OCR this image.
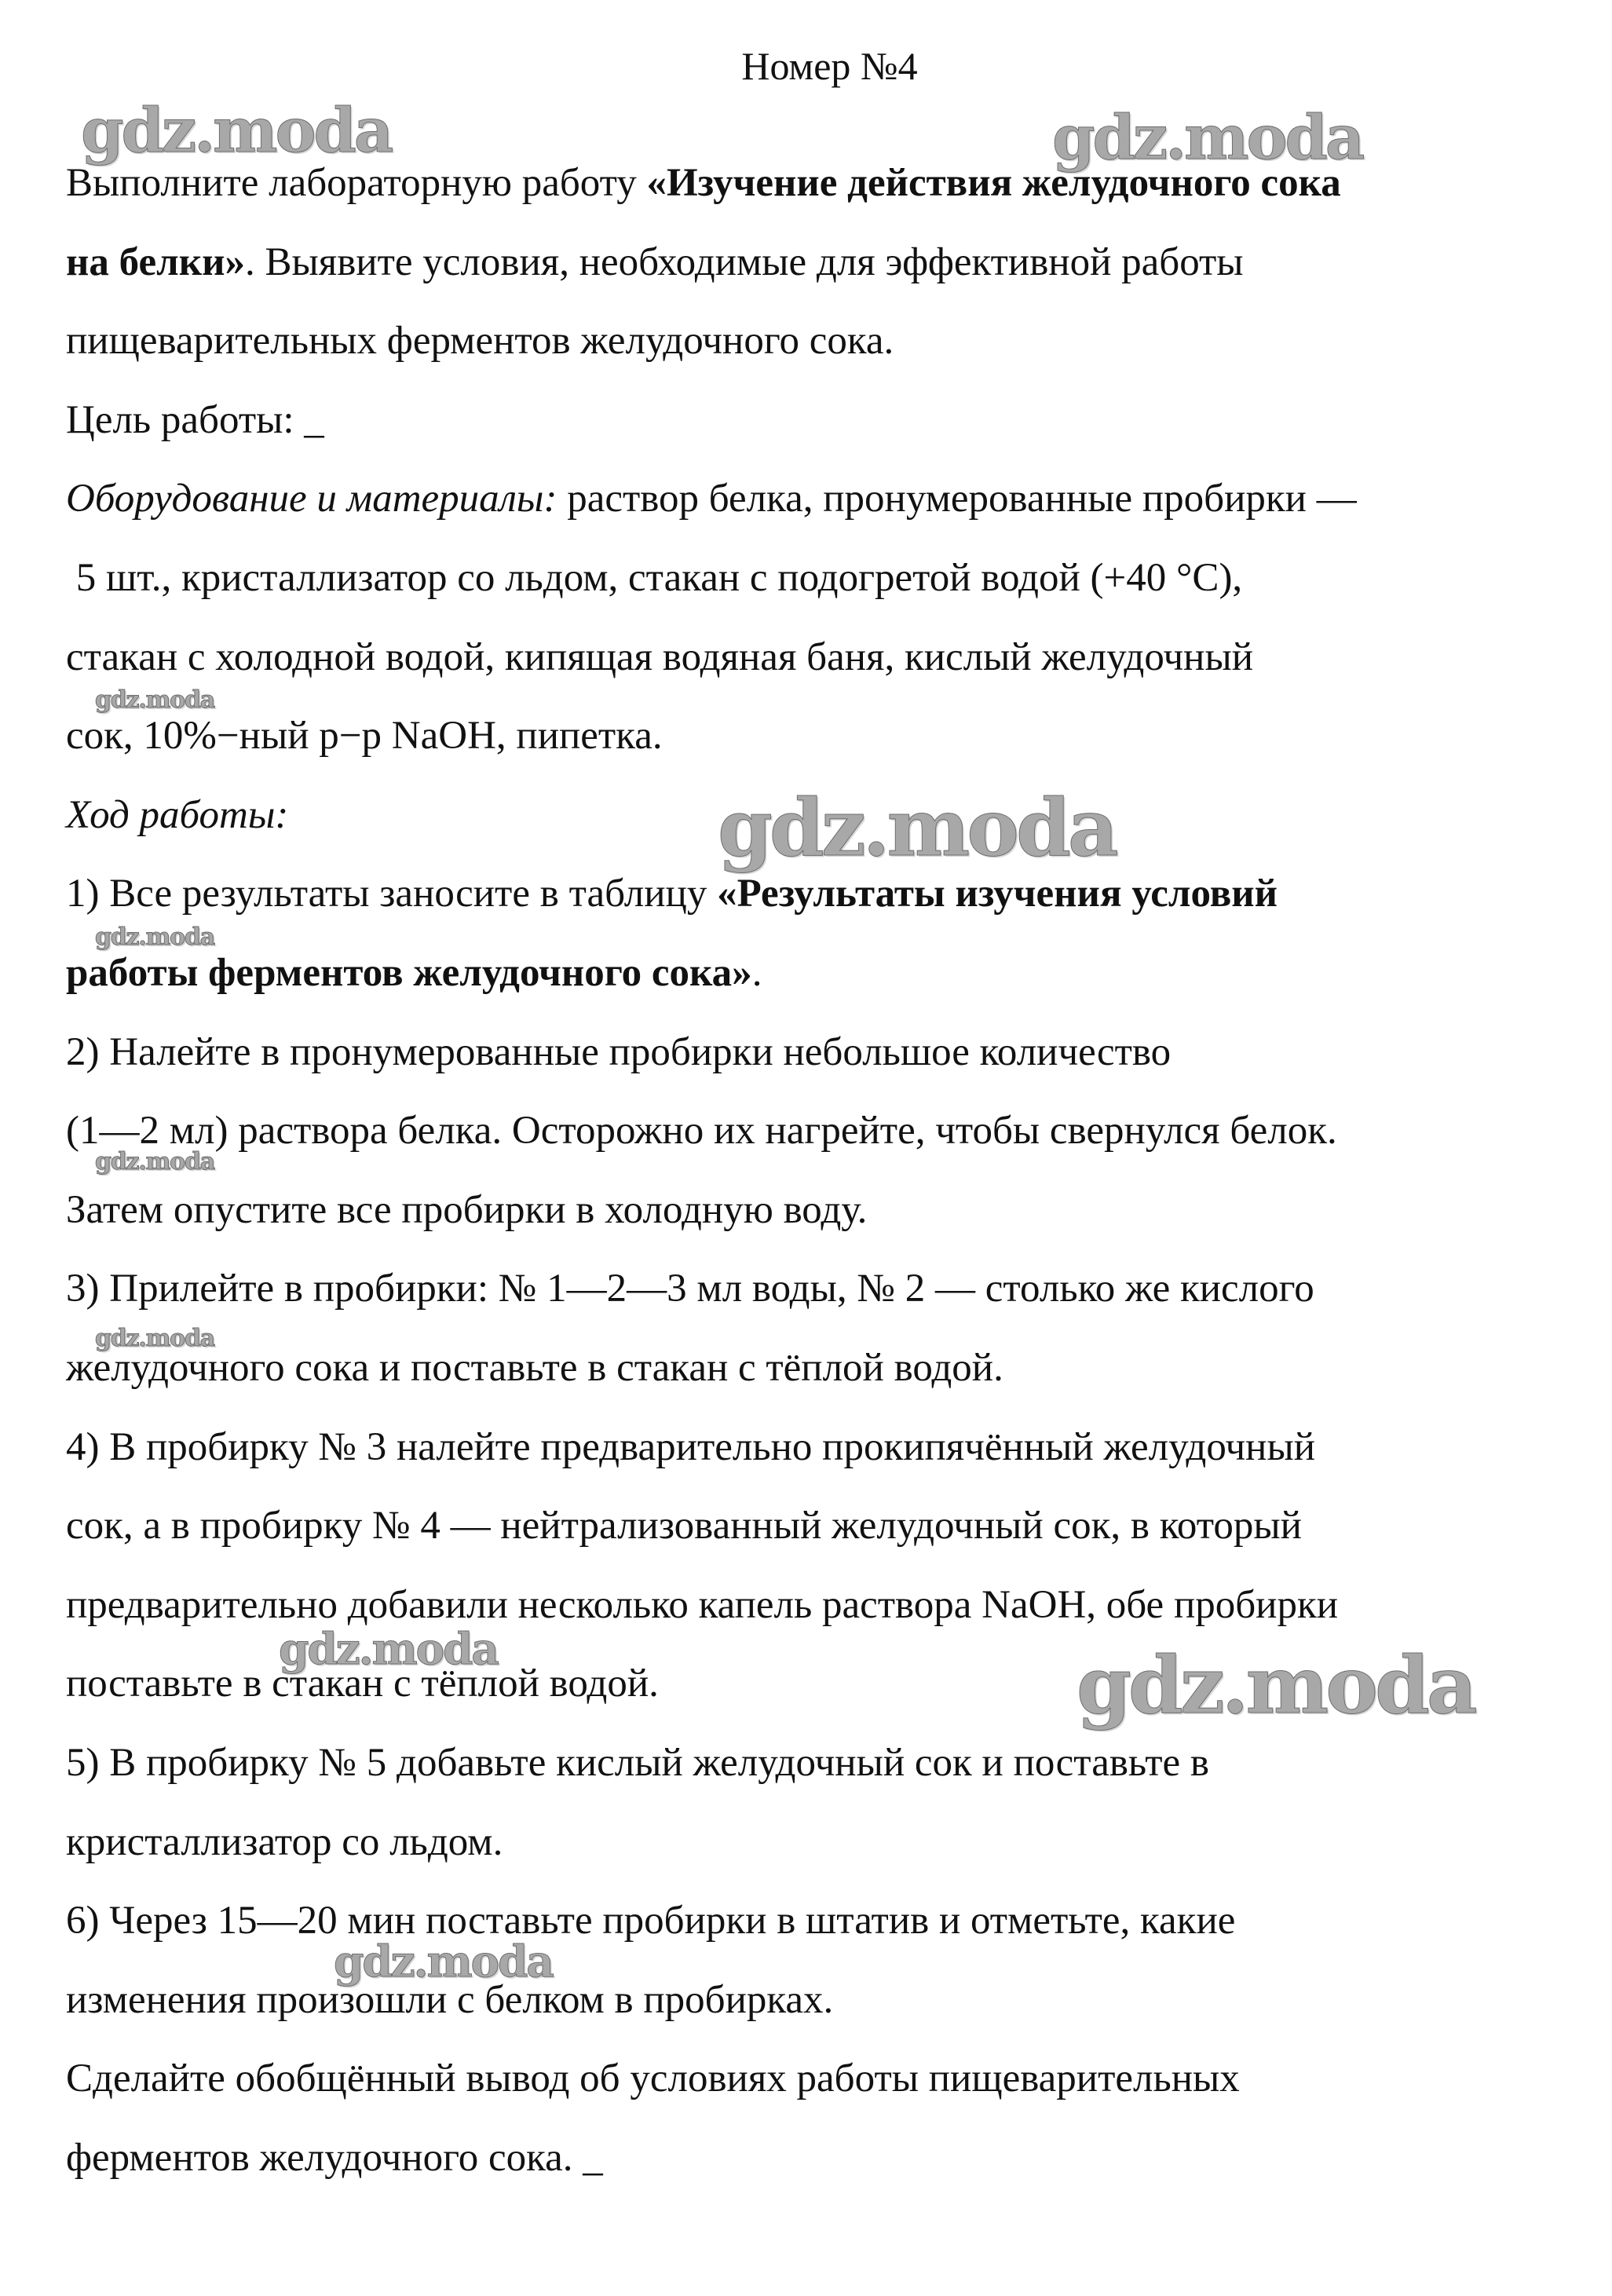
Номер №4
Выполните лабораторную работу «Изучение действия желудочного сока
на белки». Выявите условия, необходимые для эффективной работы
пищеварительных ферментов желудочного сока.
Цель работы: _
Оборудование и материалы: раствор белка, пронумерованные пробирки —
5 шт., кристаллизатор со льдом, стакан с подогретой водой (+40 °С),
стакан с холодной водой, кипящая водяная баня, кислый желудочный
сок, 10%−ный р−р NaOH, пипетка.
Ход работы:
1) Все результаты заносите в таблицу «Результаты изучения условий
работы ферментов желудочного сока».
2) Налейте в пронумерованные пробирки небольшое количество
(1—2 мл) раствора белка. Осторожно их нагрейте, чтобы свернулся белок.
Затем опустите все пробирки в холодную воду.
3) Прилейте в пробирки: № 1—2—3 мл воды, № 2 — столько же кислого
желудочного сока и поставьте в стакан с тёплой водой.
4) В пробирку № 3 налейте предварительно прокипячённый желудочный
сок, а в пробирку № 4 — нейтрализованный желудочный сок, в который
предварительно добавили несколько капель раствора NaOH, обе пробирки
поставьте в стакан с тёплой водой.
5) В пробирку № 5 добавьте кислый желудочный сок и поставьте в
кристаллизатор со льдом.
6) Через 15—20 мин поставьте пробирки в штатив и отметьте, какие
изменения произошли с белком в пробирках.
Сделайте обобщённый вывод об условиях работы пищеварительных
ферментов желудочного сока. _
gdz.moda	gdz.moda
gdz.moda
gdz.moda
gdz.moda
gdz.moda
gdz.moda
gdz.moda	gdz.moda
gdz.moda
